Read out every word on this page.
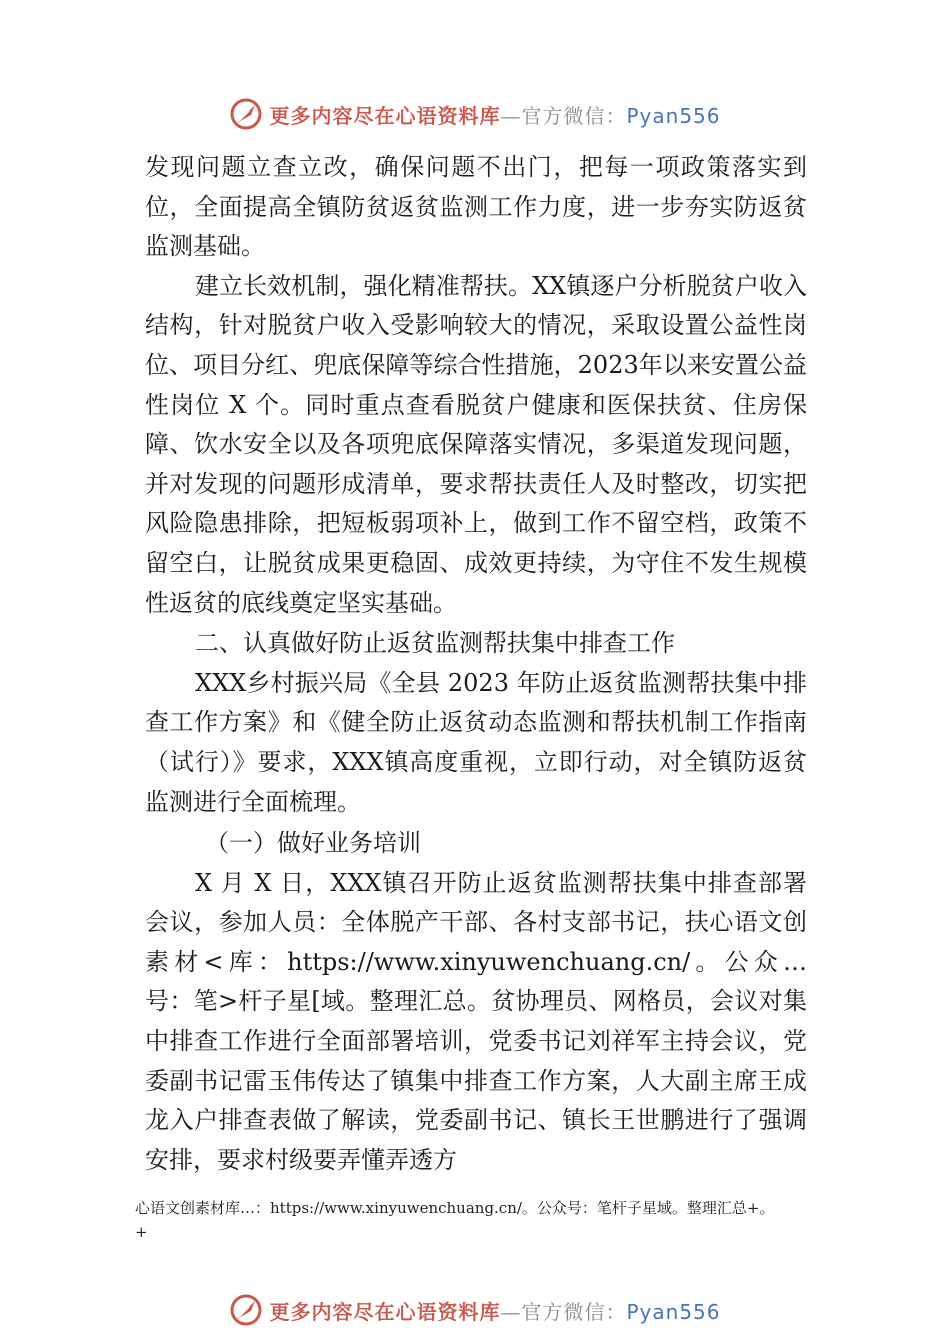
更多内容尽在心语资料库—官方微信：Pyan556

发现问题立查立改，确保问题不出门，把每一项政策落实到位，全面提高全镇防贫返贫监测工作力度，进一步夯实防返贫监测基础。

建立长效机制，强化精准帮扶。XX镇逐户分析脱贫户收入结构，针对脱贫户收入受影响较大的情况，采取设置公益性岗位、项目分红、兜底保障等综合性措施，2023年以来安置公益性岗位 X 个。同时重点查看脱贫户健康和医保扶贫、住房保障、饮水安全以及各项兜底保障落实情况，多渠道发现问题，并对发现的问题形成清单，要求帮扶责任人及时整改，切实把风险隐患排除，把短板弱项补上，做到工作不留空档，政策不留空白，让脱贫成果更稳固、成效更持续，为守住不发生规模性返贫的底线奠定坚实基础。

二、认真做好防止返贫监测帮扶集中排查工作

XXX乡村振兴局《全县 2023 年防止返贫监测帮扶集中排查工作方案》和《健全防止返贫动态监测和帮扶机制工作指南（试行）》要求，XXX镇高度重视，立即行动，对全镇防返贫监测进行全面梳理。

（一）做好业务培训

X 月 X 日，XXX镇召开防止返贫监测帮扶集中排查部署会议，参加人员：全体脱产干部、各村支部书记，扶心语文创素材<库：https://www.xinyuwenchuang.cn/。公众…号：笔>杆子星[域。整理汇总。贫协理员、网格员，会议对集中排查工作进行全面部署培训，党委书记刘祥军主持会议，党委副书记雷玉伟传达了镇集中排查工作方案，人大副主席王成龙入户排查表做了解读，党委副书记、镇长王世鹏进行了强调安排，要求村级要弄懂弄透方

心语文创素材库…：https://www.xinyuwenchuang.cn/。公众号：笔杆子星域。整理汇总+。
+
更多内容尽在心语资料库—官方微信：Pyan556
